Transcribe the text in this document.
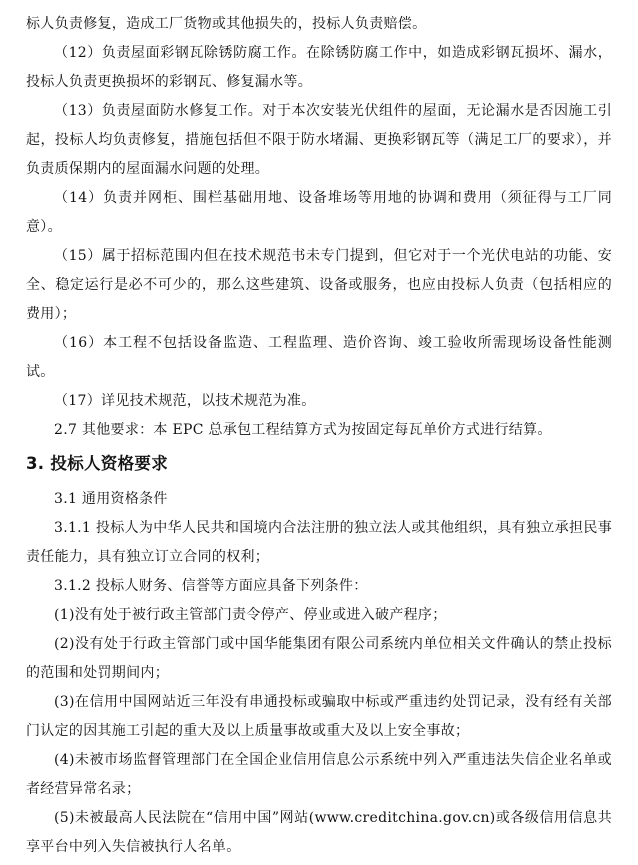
标人负责修复，造成工厂货物或其他损失的，投标人负责赔偿。

（12）负责屋面彩钢瓦除锈防腐工作。在除锈防腐工作中，如造成彩钢瓦损坏、漏水，投标人负责更换损坏的彩钢瓦、修复漏水等。

（13）负责屋面防水修复工作。对于本次安装光伏组件的屋面，无论漏水是否因施工引起，投标人均负责修复，措施包括但不限于防水堵漏、更换彩钢瓦等（满足工厂的要求），并负责质保期内的屋面漏水问题的处理。

（14）负责并网柜、围栏基础用地、设备堆场等用地的协调和费用（须征得与工厂同意）。

（15）属于招标范围内但在技术规范书未专门提到，但它对于一个光伏电站的功能、安全、稳定运行是必不可少的，那么这些建筑、设备或服务，也应由投标人负责（包括相应的费用）；

（16）本工程不包括设备监造、工程监理、造价咨询、竣工验收所需现场设备性能测试。

（17）详见技术规范，以技术规范为准。

2.7 其他要求：本 EPC 总承包工程结算方式为按固定每瓦单价方式进行结算。

3. 投标人资格要求

3.1 通用资格条件

3.1.1 投标人为中华人民共和国境内合法注册的独立法人或其他组织，具有独立承担民事责任能力，具有独立订立合同的权利；

3.1.2 投标人财务、信誉等方面应具备下列条件：

(1)没有处于被行政主管部门责令停产、停业或进入破产程序；

(2)没有处于行政主管部门或中国华能集团有限公司系统内单位相关文件确认的禁止投标的范围和处罚期间内；

(3)在信用中国网站近三年没有串通投标或骗取中标或严重违约处罚记录，没有经有关部门认定的因其施工引起的重大及以上质量事故或重大及以上安全事故；

(4)未被市场监督管理部门在全国企业信用信息公示系统中列入严重违法失信企业名单或者经营异常名录；

(5)未被最高人民法院在“信用中国”网站(www.creditchina.gov.cn)或各级信用信息共享平台中列入失信被执行人名单。
